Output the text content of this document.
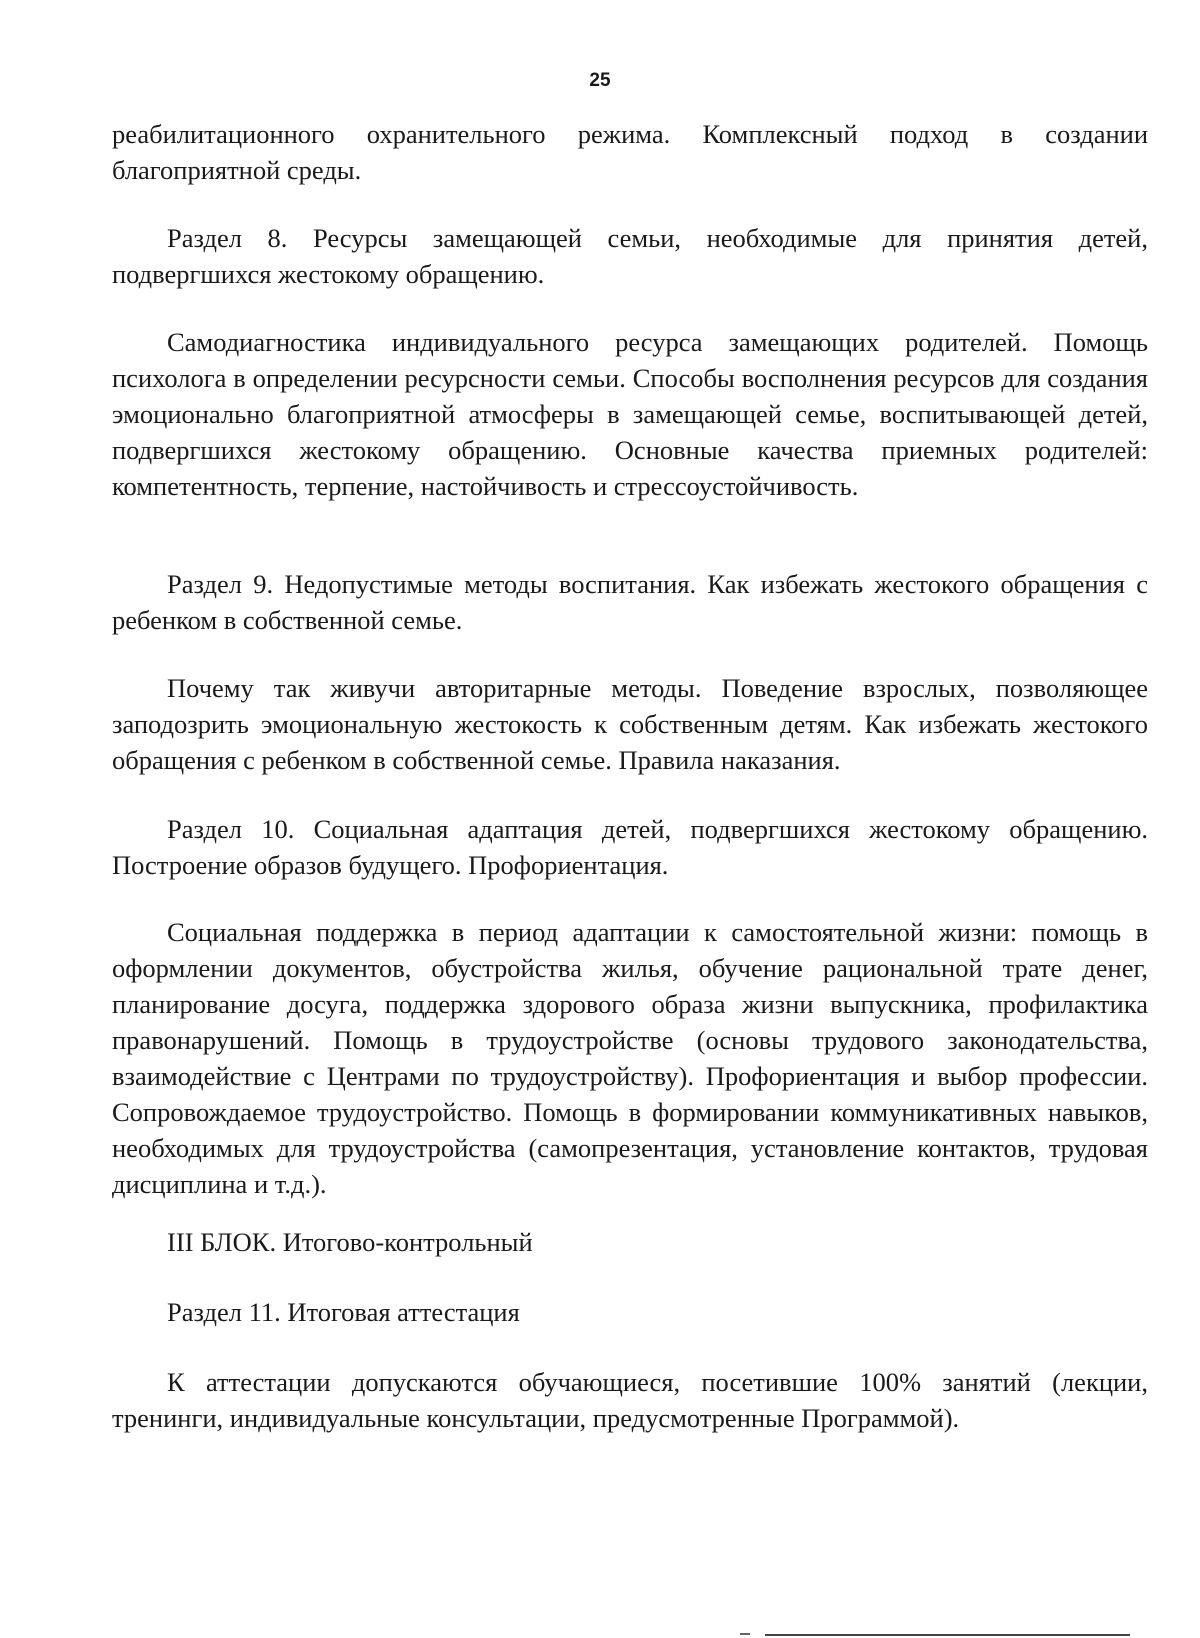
25

реабилитационного охранительного режима. Комплексный подход в создании благоприятной среды.

Раздел 8. Ресурсы замещающей семьи, необходимые для принятия детей, подвергшихся жестокому обращению.

Самодиагностика индивидуального ресурса замещающих родителей. Помощь психолога в определении ресурсности семьи. Способы восполнения ресурсов для создания эмоционально благоприятной атмосферы в замещающей семье, воспитывающей детей, подвергшихся жестокому обращению. Основные качества приемных родителей: компетентность, терпение, настойчивость и стрессоустойчивость.

Раздел 9. Недопустимые методы воспитания. Как избежать жестокого обращения с ребенком в собственной семье.

Почему так живучи авторитарные методы. Поведение взрослых, позволяющее заподозрить эмоциональную жестокость к собственным детям. Как избежать жестокого обращения с ребенком в собственной семье. Правила наказания.

Раздел 10. Социальная адаптация детей, подвергшихся жестокому обращению. Построение образов будущего. Профориентация.

Социальная поддержка в период адаптации к самостоятельной жизни: помощь в оформлении документов, обустройства жилья, обучение рациональной трате денег, планирование досуга, поддержка здорового образа жизни выпускника, профилактика правонарушений. Помощь в трудоустройстве (основы трудового законодательства, взаимодействие с Центрами по трудоустройству). Профориентация и выбор профессии. Сопровождаемое трудоустройство. Помощь в формировании коммуникативных навыков, необходимых для трудоустройства (самопрезентация, установление контактов, трудовая дисциплина и т.д.).

III БЛОК. Итогово-контрольный

Раздел 11. Итоговая аттестация

К аттестации допускаются обучающиеся, посетившие 100% занятий (лекции, тренинги, индивидуальные консультации, предусмотренные Программой).
